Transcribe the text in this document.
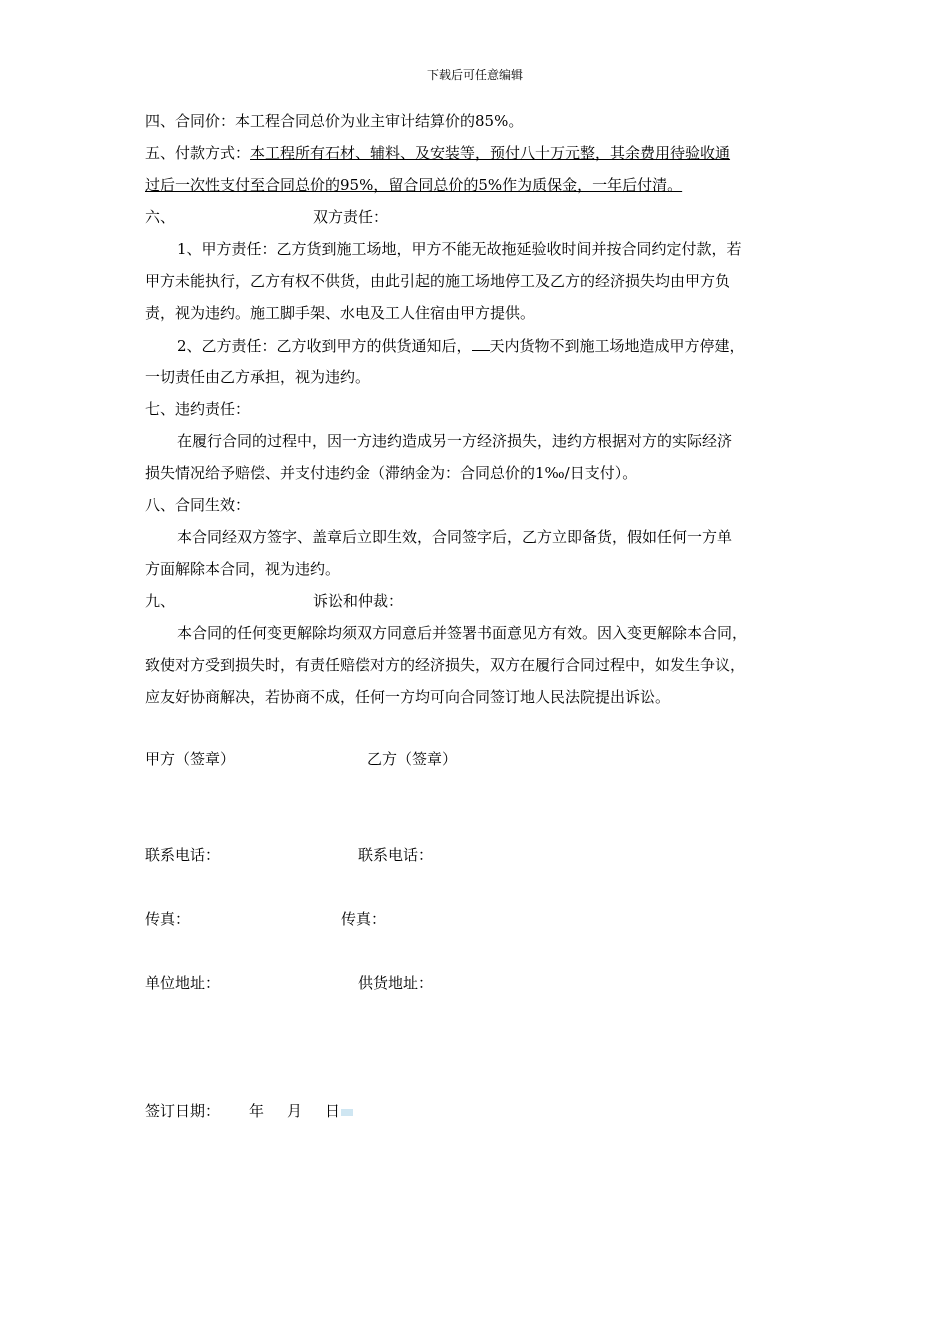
下载后可任意编辑
四、合同价：本工程合同总价为业主审计结算价的85%。
五、付款方式：本工程所有石材、辅料、及安装等，预付八十万元整，其余费用待验收通
过后一次性支付至合同总价的95%，留合同总价的5%作为质保金，一年后付清。
六、	双方责任：
1、甲方责任：乙方货到施工场地，甲方不能无故拖延验收时间并按合同约定付款，若
甲方未能执行，乙方有权不供货，由此引起的施工场地停工及乙方的经济损失均由甲方负
责，视为违约。施工脚手架、水电及工人住宿由甲方提供。
2、乙方责任：乙方收到甲方的供货通知后， 天内货物不到施工场地造成甲方停建，
一切责任由乙方承担，视为违约。
七、违约责任：
在履行合同的过程中，因一方违约造成另一方经济损失，违约方根据对方的实际经济
损失情况给予赔偿、并支付违约金（滞纳金为：合同总价的1‰/日支付）。
八、合同生效：
本合同经双方签字、盖章后立即生效，合同签字后，乙方立即备货，假如任何一方单
方面解除本合同，视为违约。
九、	诉讼和仲裁：
本合同的任何变更解除均须双方同意后并签署书面意见方有效。因入变更解除本合同，
致使对方受到损失时，有责任赔偿对方的经济损失，双方在履行合同过程中，如发生争议，
应友好协商解决，若协商不成，任何一方均可向合同签订地人民法院提出诉讼。
甲方（签章）	乙方（签章）
联系电话：	联系电话：
传真：	传真：
单位地址：	供货地址：
签订日期： 年 月 日
